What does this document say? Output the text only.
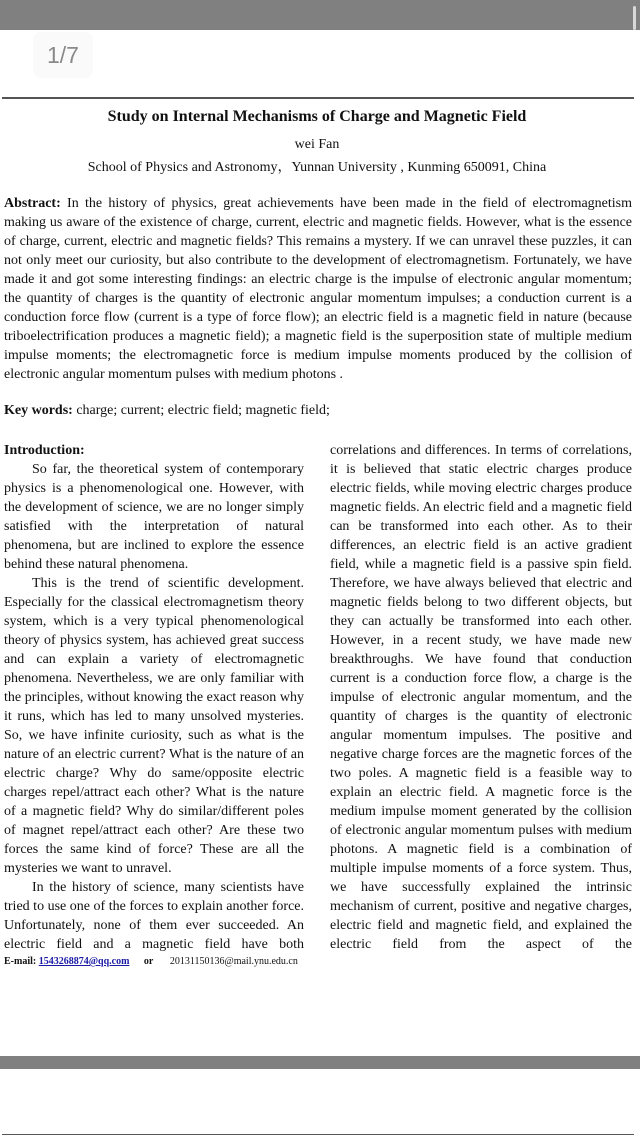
1/7
Study on Internal Mechanisms of Charge and Magnetic Field
wei Fan
School of Physics and Astronomy，Yunnan University , Kunming 650091, China
Abstract: In the history of physics, great achievements have been made in the field of electromagnetism making us aware of the existence of charge, current, electric and magnetic fields. However, what is the essence of charge, current, electric and magnetic fields? This remains a mystery. If we can unravel these puzzles, it can not only meet our curiosity, but also contribute to the development of electromagnetism. Fortunately, we have made it and got some interesting findings: an electric charge is the impulse of electronic angular momentum; the quantity of charges is the quantity of electronic angular momentum impulses; a conduction current is a conduction force flow (current is a type of force flow); an electric field is a magnetic field in nature (because triboelectrification produces a magnetic field); a magnetic field is the superposition state of multiple medium impulse moments; the electromagnetic force is medium impulse moments produced by the collision of electronic angular momentum pulses with medium photons .
Key words: charge; current; electric field; magnetic field;

Introduction:

So far, the theoretical system of contemporary physics is a phenomenological one. However, with the development of science, we are no longer simply satisfied with the interpretation of natural phenomena, but are inclined to explore the essence behind these natural phenomena.

This is the trend of scientific development. Especially for the classical electromagnetism theory system, which is a very typical phenomenological theory of physics system, has achieved great success and can explain a variety of electromagnetic phenomena. Nevertheless, we are only familiar with the principles, without knowing the exact reason why it runs, which has led to many unsolved mysteries. So, we have infinite curiosity, such as what is the nature of an electric current? What is the nature of an electric charge? Why do same/opposite electric charges repel/attract each other? What is the nature of a magnetic field? Why do similar/different poles of magnet repel/attract each other? Are these two forces the same kind of force? These are all the mysteries we want to unravel.

In the history of science, many scientists have tried to use one of the forces to explain another force. Unfortunately, none of them ever succeeded. An electric field and a magnetic field have both

correlations and differences. In terms of correlations, it is believed that static electric charges produce electric fields, while moving electric charges produce magnetic fields. An electric field and a magnetic field can be transformed into each other. As to their differences, an electric field is an active gradient field, while a magnetic field is a passive spin field. Therefore, we have always believed that electric and magnetic fields belong to two different objects, but they can actually be transformed into each other. However, in a recent study, we have made new breakthroughs. We have found that conduction current is a conduction force flow, a charge is the impulse of electronic angular momentum, and the quantity of charges is the quantity of electronic angular momentum impulses. The positive and negative charge forces are the magnetic forces of the two poles. A magnetic field is a feasible way to explain an electric field. A magnetic force is the medium impulse moment generated by the collision of electronic angular momentum pulses with medium photons. A magnetic field is a combination of multiple impulse moments of a force system. Thus, we have successfully explained the intrinsic mechanism of current, positive and negative charges, electric field and magnetic field, and explained the electric field from the aspect of the

E-mail: 1543268874@qq.com or 20131150136@mail.ynu.edu.cn
